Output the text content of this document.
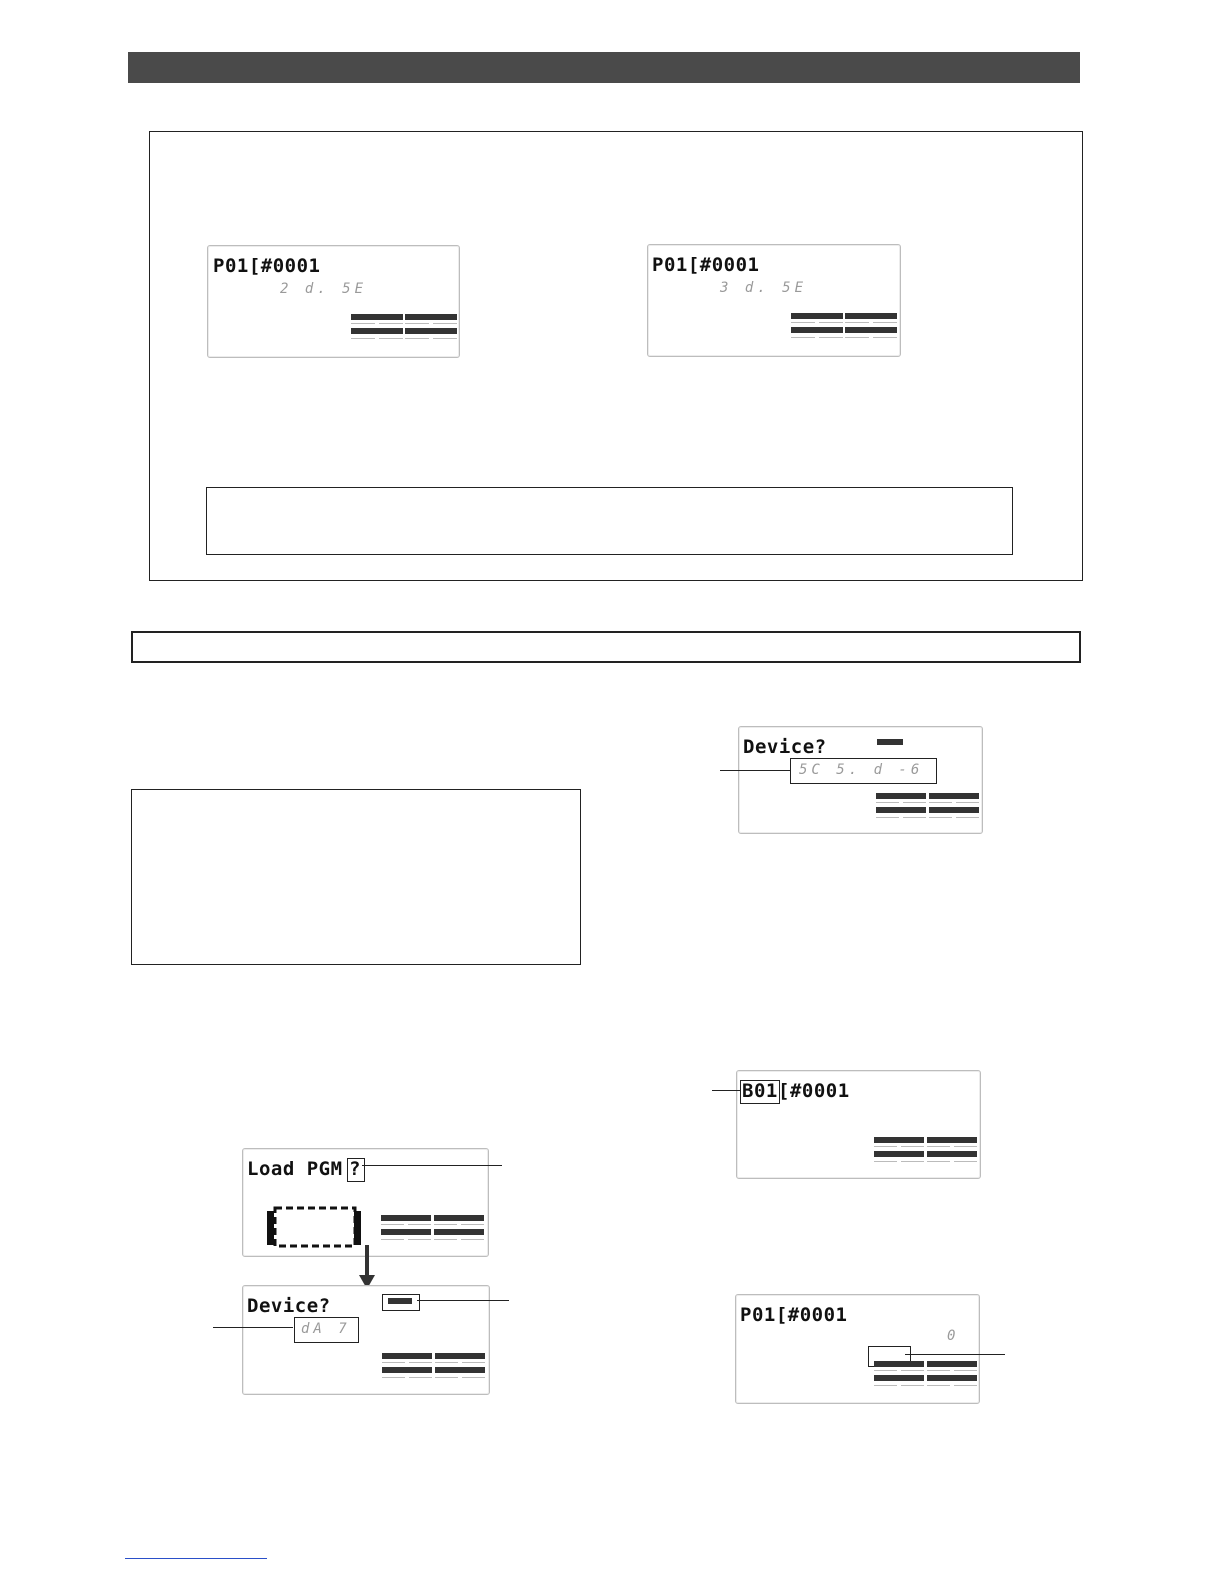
P01[#0001
2 d. 5E
P01[#0001
3 d. 5E
Device?
5C 5. d -6
B01 [#0001
Load PGM ?
Device?
dA 7
P01[#0001
0
